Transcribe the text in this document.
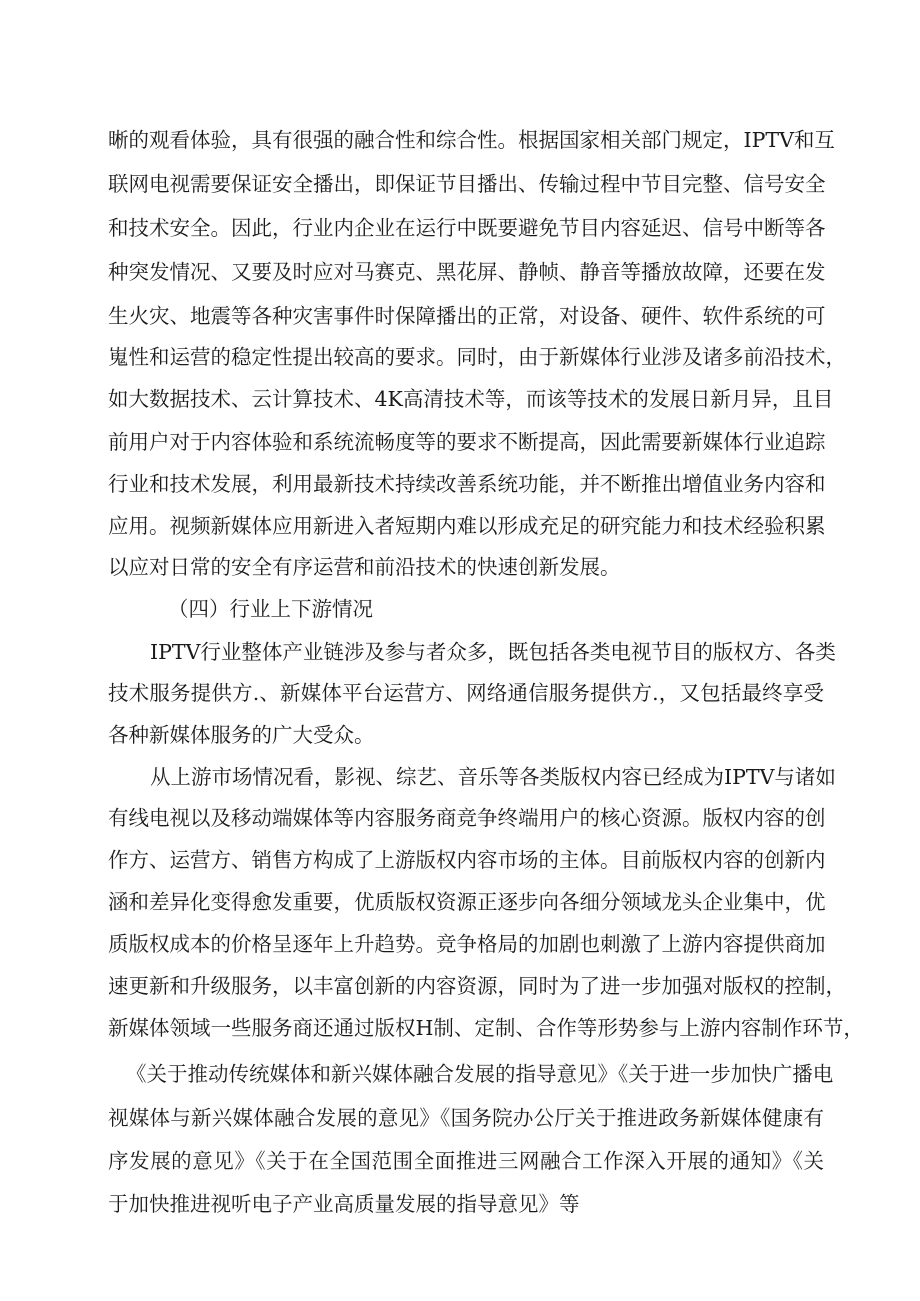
晰的观看体验，具有很强的融合性和综合性。根据国家相关部门规定，IPTV和互
联网电视需要保证安全播出，即保证节目播出、传输过程中节目完整、信号安全
和技术安全。因此，行业内企业在运行中既要避免节目内容延迟、信号中断等各
种突发情况、又要及时应对马赛克、黑花屏、静帧、静音等播放故障，还要在发
生火灾、地震等各种灾害事件时保障播出的正常，对设备、硬件、软件系统的可
嵬性和运营的稳定性提出较高的要求。同时，由于新媒体行业涉及诸多前沿技术，
如大数据技术、云计算技术、4K高清技术等，而该等技术的发展日新月异，且目
前用户对于内容体验和系统流畅度等的要求不断提高，因此需要新媒体行业追踪
行业和技术发展，利用最新技术持续改善系统功能，并不断推出增值业务内容和
应用。视频新媒体应用新进入者短期内难以形成充足的研究能力和技术经验积累
以应对日常的安全有序运营和前沿技术的快速创新发展。
（四）行业上下游情况
IPTV行业整体产业链涉及参与者众多，既包括各类电视节目的版权方、各类
技术服务提供方.、新媒体平台运营方、网络通信服务提供方.，又包括最终享受
各种新媒体服务的广大受众。
从上游市场情况看，影视、综艺、音乐等各类版权内容已经成为IPTV与诸如
有线电视以及移动端媒体等内容服务商竞争终端用户的核心资源。版权内容的创
作方、运营方、销售方构成了上游版权内容市场的主体。目前版权内容的创新内
涵和差异化变得愈发重要，优质版权资源正逐步向各细分领域龙头企业集中，优
质版权成本的价格呈逐年上升趋势。竞争格局的加剧也刺激了上游内容提供商加
速更新和升级服务，以丰富创新的内容资源，同时为了进一步加强对版权的控制，
新媒体领域一些服务商还通过版权H制、定制、合作等形势参与上游内容制作环节，
《关于推动传统媒体和新兴媒体融合发展的指导意见》《关于进一步加快广播电
视媒体与新兴媒体融合发展的意见》《国务院办公厅关于推进政务新媒体健康有
序发展的意见》《关于在全国范围全面推进三网融合工作深入开展的通知》《关
于加快推进视听电子产业高质量发展的指导意见》等
